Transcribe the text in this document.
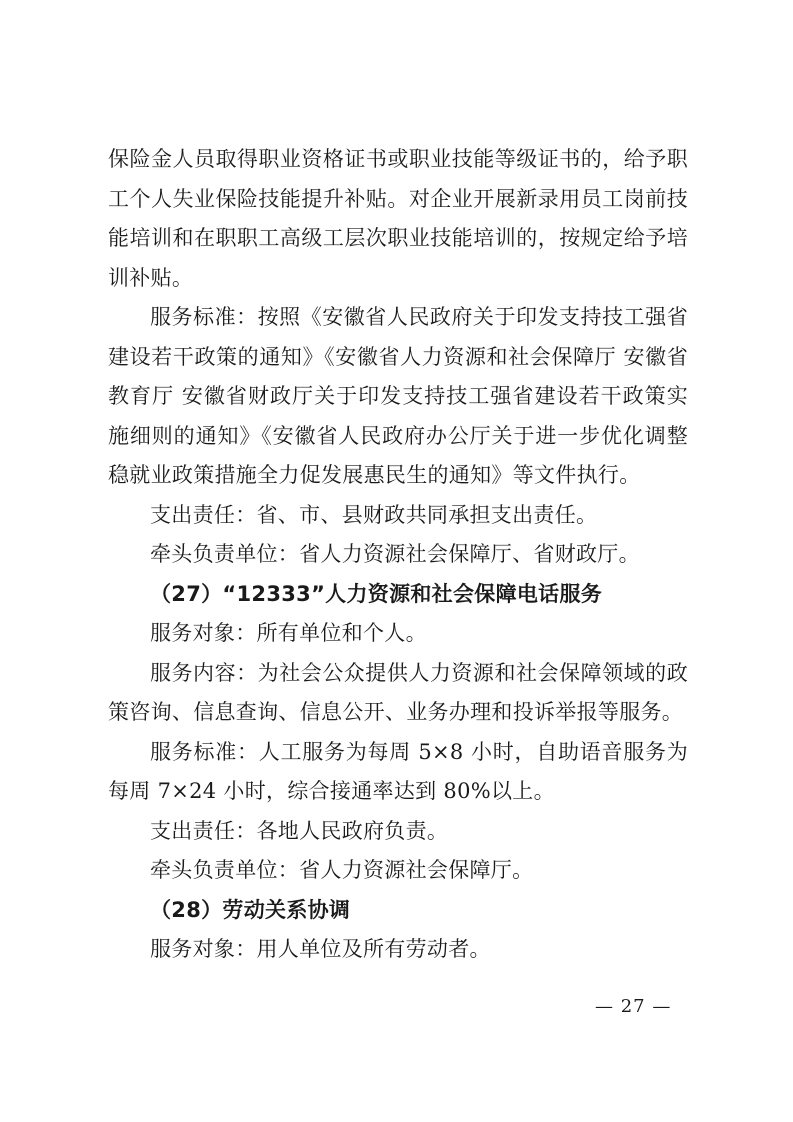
保险金人员取得职业资格证书或职业技能等级证书的，给予职工个人失业保险技能提升补贴。对企业开展新录用员工岗前技能培训和在职职工高级工层次职业技能培训的，按规定给予培训补贴。

服务标准：按照《安徽省人民政府关于印发支持技工强省建设若干政策的通知》《安徽省人力资源和社会保障厅 安徽省教育厅 安徽省财政厅关于印发支持技工强省建设若干政策实施细则的通知》《安徽省人民政府办公厅关于进一步优化调整稳就业政策措施全力促发展惠民生的通知》等文件执行。

支出责任：省、市、县财政共同承担支出责任。

牵头负责单位：省人力资源社会保障厅、省财政厅。

（27）“12333”人力资源和社会保障电话服务

服务对象：所有单位和个人。

服务内容：为社会公众提供人力资源和社会保障领域的政策咨询、信息查询、信息公开、业务办理和投诉举报等服务。

服务标准：人工服务为每周 5×8 小时，自助语音服务为每周 7×24 小时，综合接通率达到 80%以上。

支出责任：各地人民政府负责。

牵头负责单位：省人力资源社会保障厅。

（28）劳动关系协调

服务对象：用人单位及所有劳动者。

— 27 —
